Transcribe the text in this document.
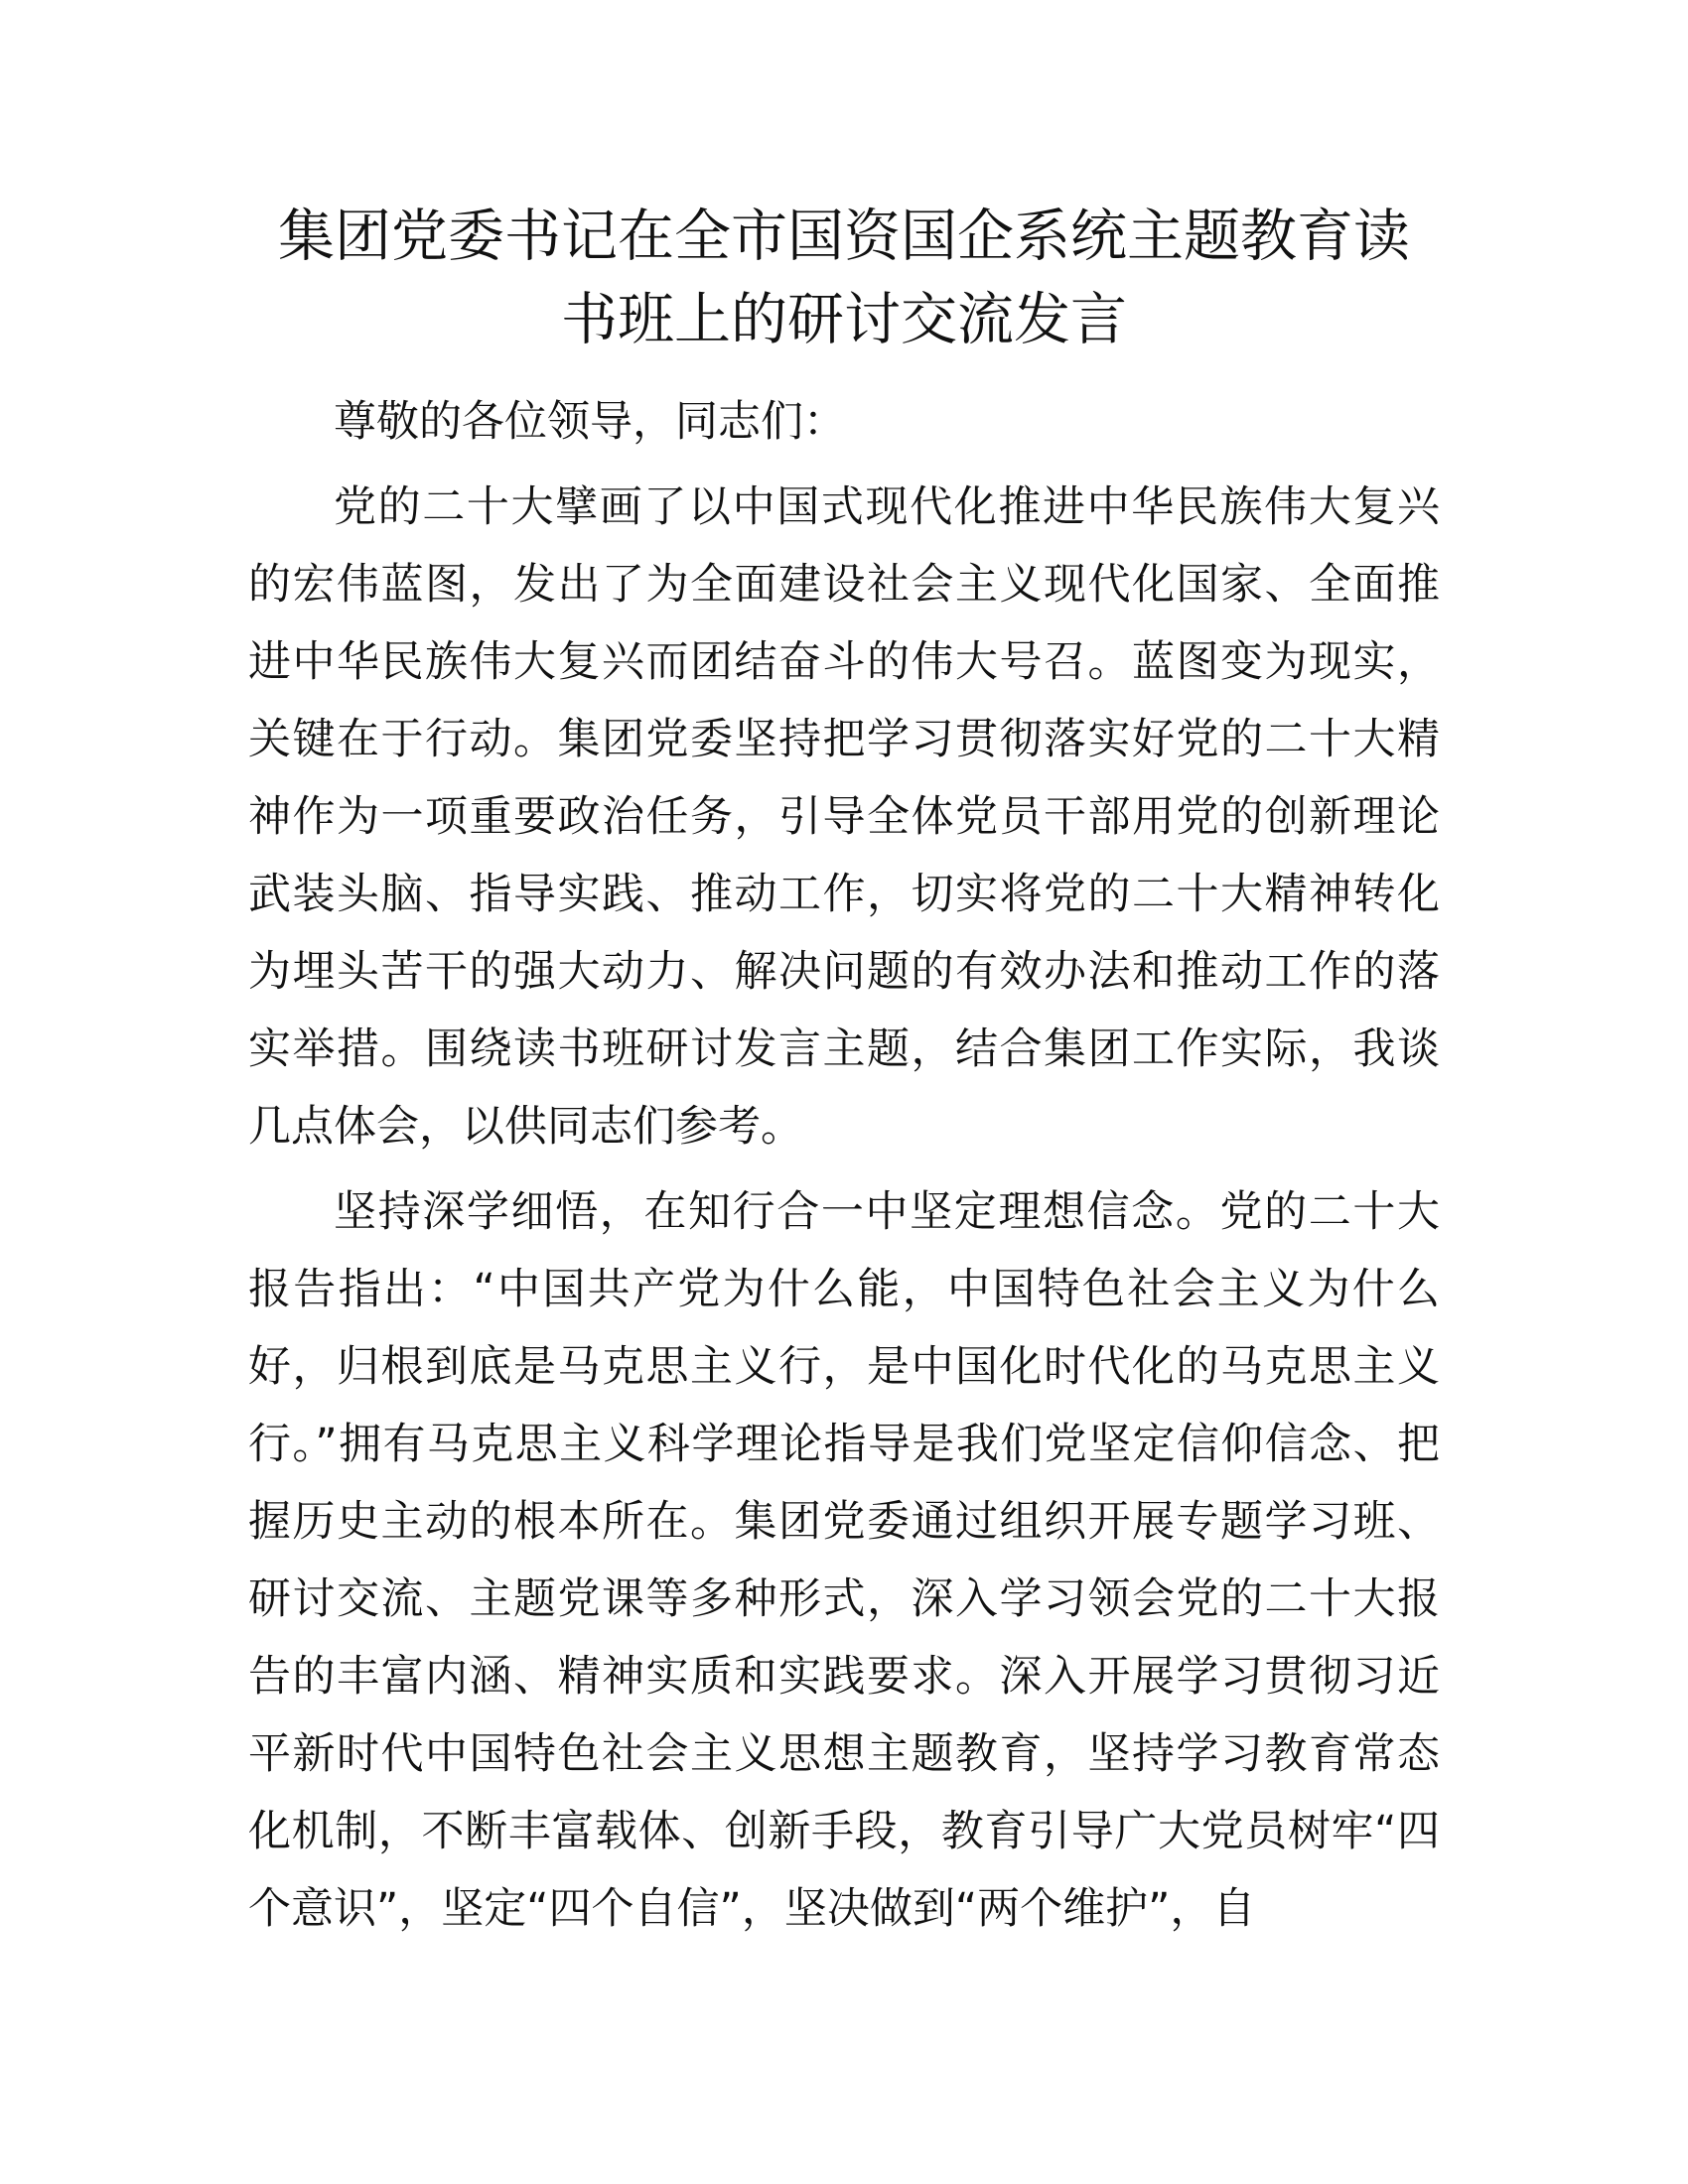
集团党委书记在全市国资国企系统主题教育读
书班上的研讨交流发言

尊敬的各位领导，同志们：

党的二十大擘画了以中国式现代化推进中华民族伟大复兴的宏伟蓝图，发出了为全面建设社会主义现代化国家、全面推进中华民族伟大复兴而团结奋斗的伟大号召。蓝图变为现实，关键在于行动。集团党委坚持把学习贯彻落实好党的二十大精神作为一项重要政治任务，引导全体党员干部用党的创新理论武装头脑、指导实践、推动工作，切实将党的二十大精神转化为埋头苦干的强大动力、解决问题的有效办法和推动工作的落实举措。围绕读书班研讨发言主题，结合集团工作实际，我谈几点体会，以供同志们参考。

坚持深学细悟，在知行合一中坚定理想信念。党的二十大报告指出：“中国共产党为什么能，中国特色社会主义为什么好，归根到底是马克思主义行，是中国化时代化的马克思主义行。”拥有马克思主义科学理论指导是我们党坚定信仰信念、把握历史主动的根本所在。集团党委通过组织开展专题学习班、研讨交流、主题党课等多种形式，深入学习领会党的二十大报告的丰富内涵、精神实质和实践要求。深入开展学习贯彻习近平新时代中国特色社会主义思想主题教育，坚持学习教育常态化机制，不断丰富载体、创新手段，教育引导广大党员树牢“四个意识”，坚定“四个自信”，坚决做到“两个维护”，自
